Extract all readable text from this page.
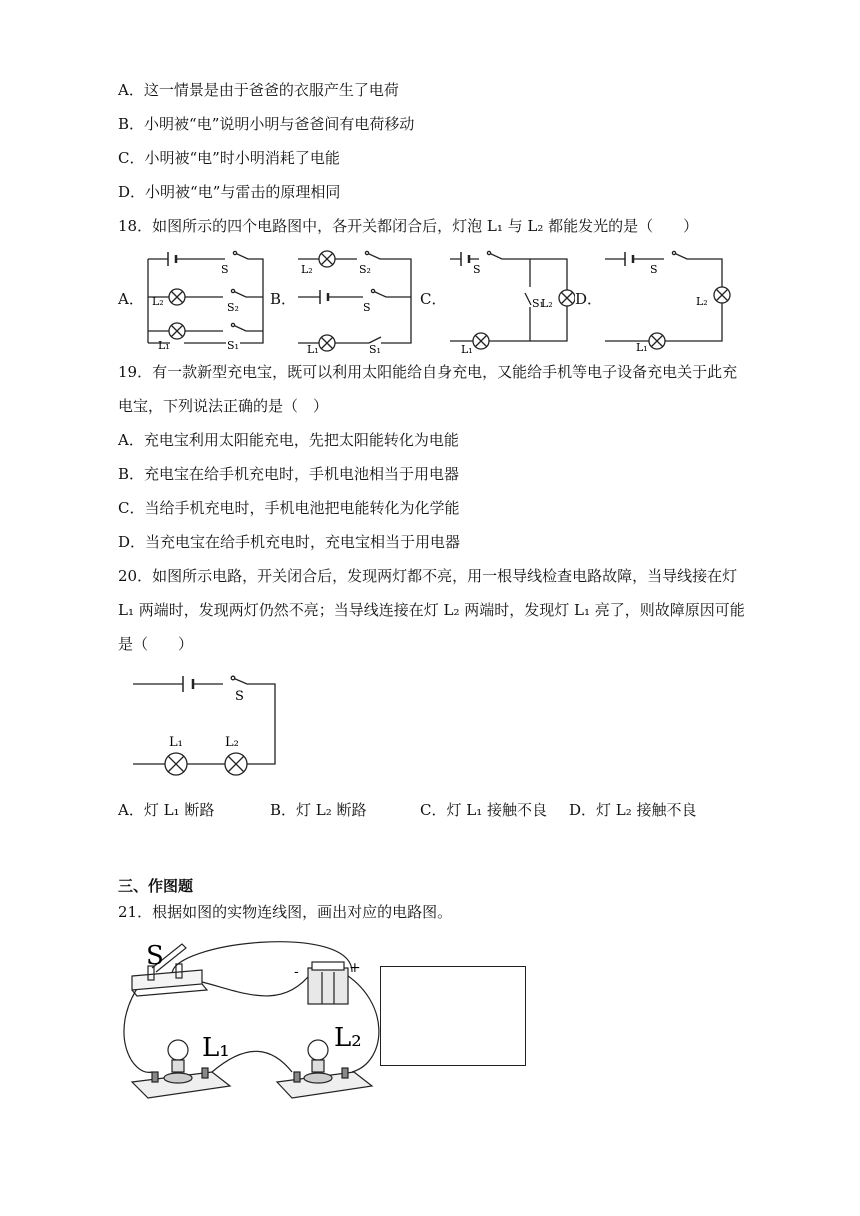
A．这一情景是由于爸爸的衣服产生了电荷
B．小明被“电”说明小明与爸爸间有电荷移动
C．小明被“电”时小明消耗了电能
D．小明被“电”与雷击的原理相同
18．如图所示的四个电路图中，各开关都闭合后，灯泡 L₁ 与 L₂ 都能发光的是（　　）
A．	B．	C．	D．
S
L₂	S₂
L₁	S₁
L₂	S₂
S
L₁	S₁
S
S₁
L₂
L₁
S
L₂
L₁
19．有一款新型充电宝，既可以利用太阳能给自身充电，又能给手机等电子设备充电关于此充
电宝，下列说法正确的是（　）
A．充电宝利用太阳能充电，先把太阳能转化为电能
B．充电宝在给手机充电时，手机电池相当于用电器
C．当给手机充电时，手机电池把电能转化为化学能
D．当充电宝在给手机充电时，充电宝相当于用电器
20．如图所示电路，开关闭合后，发现两灯都不亮，用一根导线检查电路故障，当导线接在灯
L₁ 两端时，发现两灯仍然不亮；当导线连接在灯 L₂ 两端时，发现灯 L₁ 亮了，则故障原因可能
是（　　）
S
L₁	L₂
A．灯 L₁ 断路	B．灯 L₂ 断路	C．灯 L₁ 接触不良 D．灯 L₂ 接触不良
三、作图题
21．根据如图的实物连线图，画出对应的电路图。
S
L₁	L₂
-	+
